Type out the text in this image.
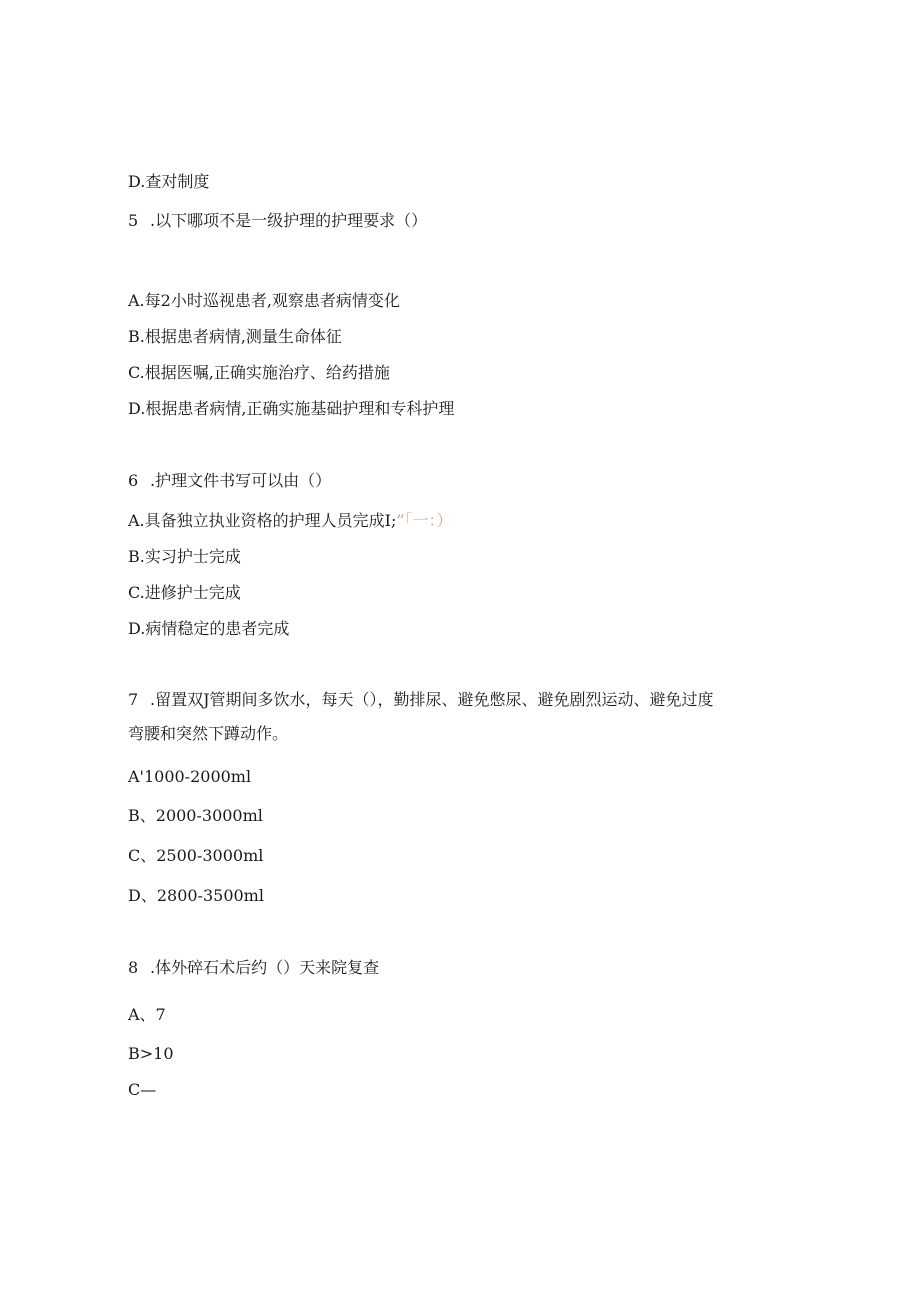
D.查对制度
5 .以下哪项不是一级护理的护理要求（）
A.每2小时巡视患者,观察患者病情变化
B.根据患者病情,测量生命体征
C.根据医嘱,正确实施治疗、给药措施
D.根据患者病情,正确实施基础护理和专科护理
6 .护理文件书写可以由（）
A.具备独立执业资格的护理人员完成I;”「一：）
B.实习护士完成
C.进修护士完成
D.病情稳定的患者完成
7 .留置双J管期间多饮水，每天（），勤排尿、避免憋尿、避免剧烈运动、避免过度
弯腰和突然下蹲动作。
A'1000-2000ml
B、2000-3000ml
C、2500-3000ml
D、2800-3500ml
8 .体外碎石术后约（）天来院复查
A、7
B>10
C—
